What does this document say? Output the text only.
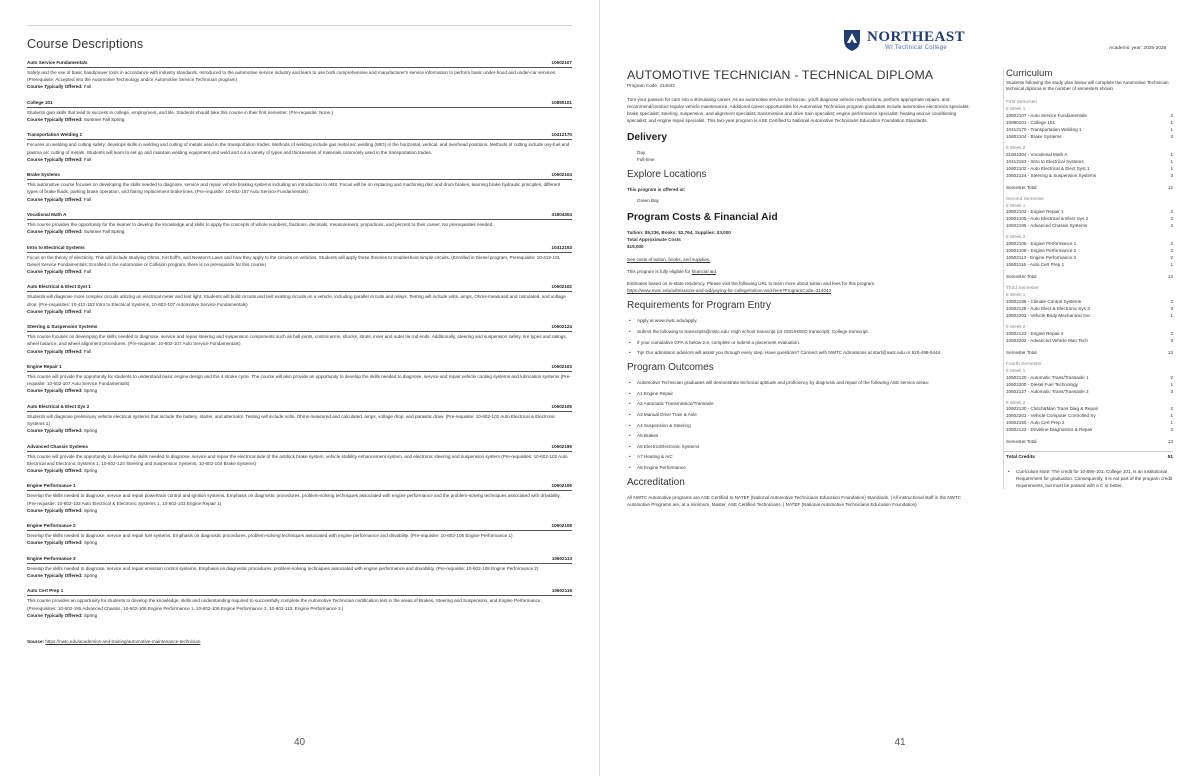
Course Descriptions
Auto Service Fundamentals	10602107
Safety and the use of basic hand/power tools in accordance with industry standards. Introduced to the automotive service industry and learn to use both comprehensive and manufacturer's service information to perform basic under-hood and under-car services. (Prerequisite: Accepted into the Automotive Technology and/or Automotive Service Technician program)
Course Typically Offered: Fall
College 101	10890101
Students gain skills that lead to success in college, employment, and life. Students should take this course in their first semester. (Pre-requisite: None.)
Course Typically Offered: Summer Fall Spring
Transportation Welding 1	10412170
Focuses on welding and cutting safety; develops skills in welding and cutting of metals used in the transportation trades. Methods of welding include gas metal arc welding (MIG) in the horizontal, vertical, and overhead positions. Methods of cutting include oxy-fuel and plasma arc cutting of metals. Students will learn to set up and maintain welding equipment and weld and cut a variety of types and thicknesses of materials commonly used in the transportation trades.
Course Typically Offered: Fall
Brake Systems	10602104
This automotive course focuses on developing the skills needed to diagnose, service and repair vehicle braking systems including an introduction to ABS. Focus will be on replacing and machining disc and drum brakes, learning brake hydraulic principles, different types of brake fluids, parking brake operation, and flaring replacement brake lines. (Pre-requisite: 10-602-107 Auto Service Fundamentals)
Course Typically Offered: Fall
Vocational Math A	31804304
This course provides the opportunity for the learner to develop the knowledge and skills to apply the concepts of whole numbers, fractions, decimals, measurement, proportions, and percent to their career. No prerequisites needed.
Course Typically Offered: Summer Fall Spring
Intro to Electrical Systems	10412153
Focus on the theory of electricity. This will include studying Ohms, Kirchoff's, and Newton's Laws and how they apply to the circuits on vehicles. Students will apply these theories to troubleshoot simple circuits. (Enrolled in Diesel program, Prerequisite: 10-412-101 Diesel Service Fundamentals; Enrolled in the Automotive or Collision program, there is no prerequisite for this course)
Course Typically Offered: Fall
Auto Electrical & Elect Syst 1	10602102
Students will diagnose more complex circuits utilizing an electrical meter and test light. Students will build circuits and test existing circuits on a vehicle, including parallel circuits and relays. Testing will include volts, amps, Ohms-measured and calculated, and voltage drop. (Pre-requisites: 10-412-153 Intro to Electrical Systems, 10-602-107 Automotive Service Fundamentals)
Course Typically Offered: Fall
Steering & Suspension Systems	10602124
This course focuses on developing the skills needed to diagnose, service and repair steering and suspension components such as ball joints, control arms, shocks, struts, inner and outer tie rod ends. Additionally, steering and suspension safety, tire types and ratings, wheel balance, and wheel alignment procedures. (Pre-requisite: 10-602-107 Auto Service Fundamentals)
Course Typically Offered: Fall
Engine Repair 1	10602103
This course will provide the opportunity for students to understand basic engine design and the 4 stroke cycle. The course will also provide an opportunity to develop the skills needed to diagnose, service and repair vehicle cooling systems and lubrication systems (Pre-requisite: 10-602-107 Auto Service Fundamentals)
Course Typically Offered: Spring
Auto Electrical & Elect Sys 2	10602105
Students will diagnose preliminary vehicle electrical systems that include the battery, starter, and alternator. Testing will include volts, Ohms-measured and calculated, amps, voltage drop, and parasitic draw. (Pre-requisite: 10-602-102 Auto Electrical & Electronic Systems 1)
Course Typically Offered: Spring
Advanced Chassis Systems	10602195
This course will provide the opportunity to develop the skills needed to diagnose, service and repair the electrical side of the antilock brake system, vehicle stability enhancement system, and electronic steering and suspension system (Pre-requisites: 10-602-102 Auto Electrical and Electronic Systems 1, 10-602-124 Steering and Suspension Systems, 10-602-104 Brake Systems)
Course Typically Offered: Spring
Engine Performance 1	10602106
Develop the skills needed to diagnose, service and repair powertrain control and ignition systems. Emphasis on diagnostic procedures, problem-solving techniques associated with engine performance and the problem-solving techniques associated with drivability. (Pre-requisite: 10-602-102 Auto Electrical & Electronic Systems 1, 10-602-103 Engine Repair 1)
Course Typically Offered: Spring
Engine Performance 2	10602108
Develop the skills needed to diagnose, service and repair fuel systems. Emphasis on diagnostic procedures, problem-solving techniques associated with engine performance and drivability. (Pre-requisite: 10-602-106 Engine Performance 1)
Course Typically Offered: Spring
Engine Performance 3	10602113
Develop the skills needed to diagnose, service and repair emission control systems. Emphasis on diagnostic procedures, problem-solving techniques associated with engine performance and drivability. (Pre-requisite: 10-602-108 Engine Performance 2)
Course Typically Offered: Spring
Auto Cert Prep 1	10602116
This course provides an opportunity for students to develop the knowledge, skills and understanding required to successfully complete the Automotive Technician certification test in the areas of Brakes, Steering and Suspension, and Engine Performance. (Prerequisites: 10-602-195 Advanced Chassis, 10-602-106 Engine Performance 1, 10-602-108 Engine Performance 2, 10-602-113, Engine Performance 3 )
Course Typically Offered: Spring
Source: https://nwtc.edu/academics-and-training/automotive-maintenance-technician
40
NORTHEAST
WI Technical College	Academic year: 2025-2026
AUTOMOTIVE TECHNICIAN - TECHNICAL DIPLOMA
Program Code: 314042
Turn your passion for cars into a stimulating career. As an automotive service technician, you'll diagnose vehicle malfunctions, perform appropriate repairs, and recommend/conduct regular vehicle maintenance. Additional career opportunities for Automotive Technician program graduates include automotive electronics specialist; brake specialist; steering, suspension, and alignment specialist; transmission and drive train specialist; engine performance specialist; heating and air conditioning specialist; and engine repair specialist. This two-year program is ASE Certified to National Automotive Technicians Education Foundation Standards.
Delivery
Day
Full-time
Explore Locations
This program is offered at:
Green Bay
Program Costs & Financial Aid
Tuition: $9,236, Books: $2,764, Supplies: $3,000
Total Approximate Costs
$15,000
See costs of tuition, books, and supplies.
This program is fully eligible for financial aid.
Estimates based on in-state residency. Please visit the following URL to learn more about tuition and fees for this program.
https://www.nwtc.edu/admissions-and-aid/paying-for-college/tuition-and-fees?ProgramCode=314042
Requirements for Program Entry
• Apply at www.nwtc.edu/apply.
• Submit the following to transcripts@nwtc.edu: High school transcript (or GED/HSED transcript). College transcript.
• If your cumulative GPA is below 2.6, complete or submit a placement evaluation.
• Tip! Our admission advisors will assist you through every step. Have questions? Connect with NWTC Admissions at start@nwtc.edu or 920-498-5444.
Program Outcomes
• Automotive Technician graduates will demonstrate technical aptitude and proficiency by diagnosis and repair of the following ASE service areas:
• A1 Engine Repair
• A2 Automatic Transmission/Transaxle
• A3 Manual Drive Train & Axle
• A4 Suspension & Steering
• A5 Brakes
• A6 Electric/Electronic Systems
• A7 Heating & A/C
• A8 Engine Performance
Accreditation
All NWTC Automotive programs are ASE Certified to NATEF (National Automotive Technicians Education Foundation) Standards. | All instructional staff in the NWTC Automotive Programs are, at a minimum, Master, ASE Certified Technicians. | NATEF (National Automotive Technicians Education Foundation)
Curriculum
Students following the study plan below will complete the Automotive Technician technical diploma in the number of semesters shown.
First Semester
8 Week 1
10602107 - Auto Service Fundamentals	2
10890101 - College 101	1
10412170 - Transportation Welding 1	1
10602104 - Brake Systems	3
8 Week 2
31804304 - Vocational Math A	1
10412153 - Intro to Electrical Systems	1
10602102 - Auto Electrical & Elect Syst 1	1
10602124 - Steering & Suspension Systems	3
Semester Total	12
Second Semester
8 Week 1
10602103 - Engine Repair 1	2
10602105 - Auto Electrical & Elect Sys 2	2
10602195 - Advanced Chassis Systems	2
8 Week 2
10602106 - Engine Performance 1	2
10602108 - Engine Performance 2	2
10602113 - Engine Performance 3	2
10602116 - Auto Cert Prep 1	1
Semester Total	13
Third Semester
8 Week 1
10602196 - Climate Control Systems	3
10602128 - Auto Elect & Electronic Sys 3	3
10602203 - Vehicle Body Mechanical Svc	1
8 Week 2
10602123 - Engine Repair 2	3
10602202 - Advanced Vehicle Man Tech	3
Semester Total	13
Fourth Semester
8 Week 1
10602120 - Automatic Trans/Transaxle 1	2
10602200 - Diesel Fuel Technology	1
10602127 - Automatic Trans/Transaxle 2	3
8 Week 2
10602130 - Clutch&Man Trans Diag & Repair	2
10602201 - Vehicle Computer Controlled Sy	1
10602150 - Auto Cert Prep 2	1
10602122 - Driveline Diagnostics & Repair	2
Semester Total	13
Total Credits	51
• Curriculum Note: The credit for 10-890-101, College 101, is an institutional Requirement for graduation. Consequently, it is not part of the program credit requirements, but must be passed with a C or better.
41
